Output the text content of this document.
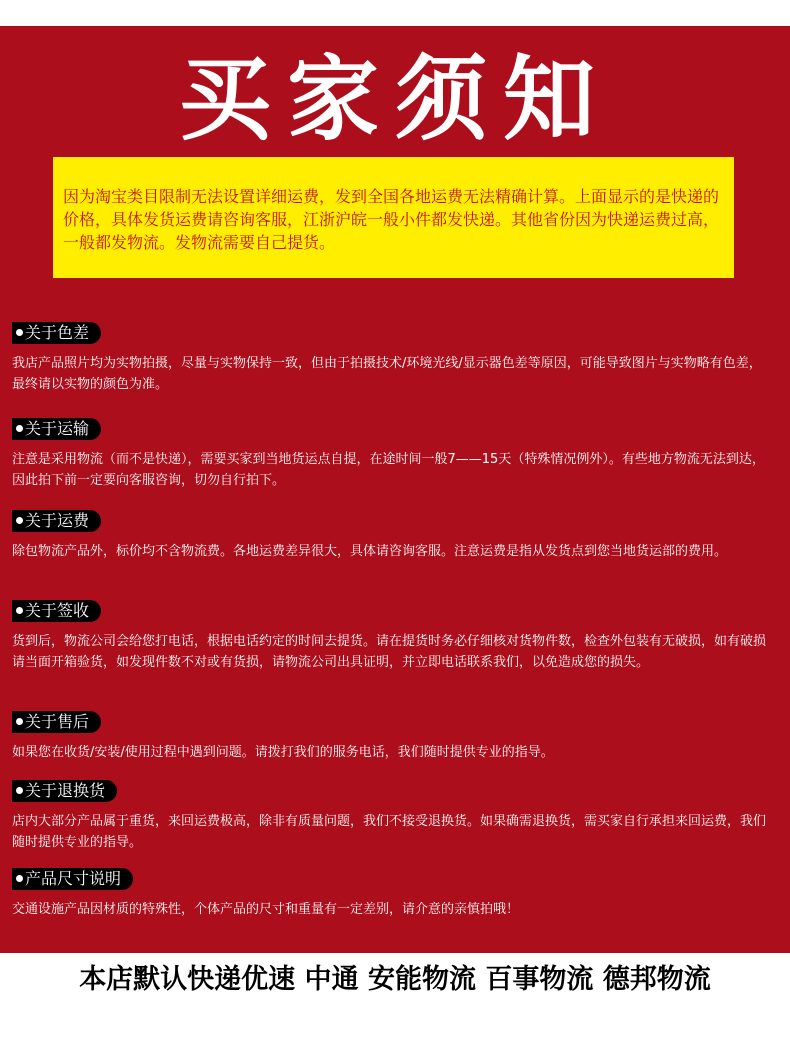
买家须知
因为淘宝类目限制无法设置详细运费，发到全国各地运费无法精确计算。上面显示的是快递的价格，具体发货运费请咨询客服，江浙沪皖一般小件都发快递。其他省份因为快递运费过高，一般都发物流。发物流需要自己提货。
关于色差
我店产品照片均为实物拍摄，尽量与实物保持一致，但由于拍摄技术/环境光线/显示器色差等原因，可能导致图片与实物略有色差，最终请以实物的颜色为准。
关于运输
注意是采用物流（而不是快递），需要买家到当地货运点自提，在途时间一般7——15天（特殊情况例外）。有些地方物流无法到达，因此拍下前一定要向客服咨询，切勿自行拍下。
关于运费
除包物流产品外，标价均不含物流费。各地运费差异很大，具体请咨询客服。注意运费是指从发货点到您当地货运部的费用。
关于签收
货到后，物流公司会给您打电话，根据电话约定的时间去提货。请在提货时务必仔细核对货物件数，检查外包装有无破损，如有破损请当面开箱验货，如发现件数不对或有货损，请物流公司出具证明，并立即电话联系我们，以免造成您的损失。
关于售后
如果您在收货/安装/使用过程中遇到问题。请拨打我们的服务电话，我们随时提供专业的指导。
关于退换货
店内大部分产品属于重货，来回运费极高，除非有质量问题，我们不接受退换货。如果确需退换货，需买家自行承担来回运费，我们随时提供专业的指导。
产品尺寸说明
交通设施产品因材质的特殊性，个体产品的尺寸和重量有一定差别，请介意的亲慎拍哦！
本店默认快递优速 中通 安能物流 百事物流 德邦物流
